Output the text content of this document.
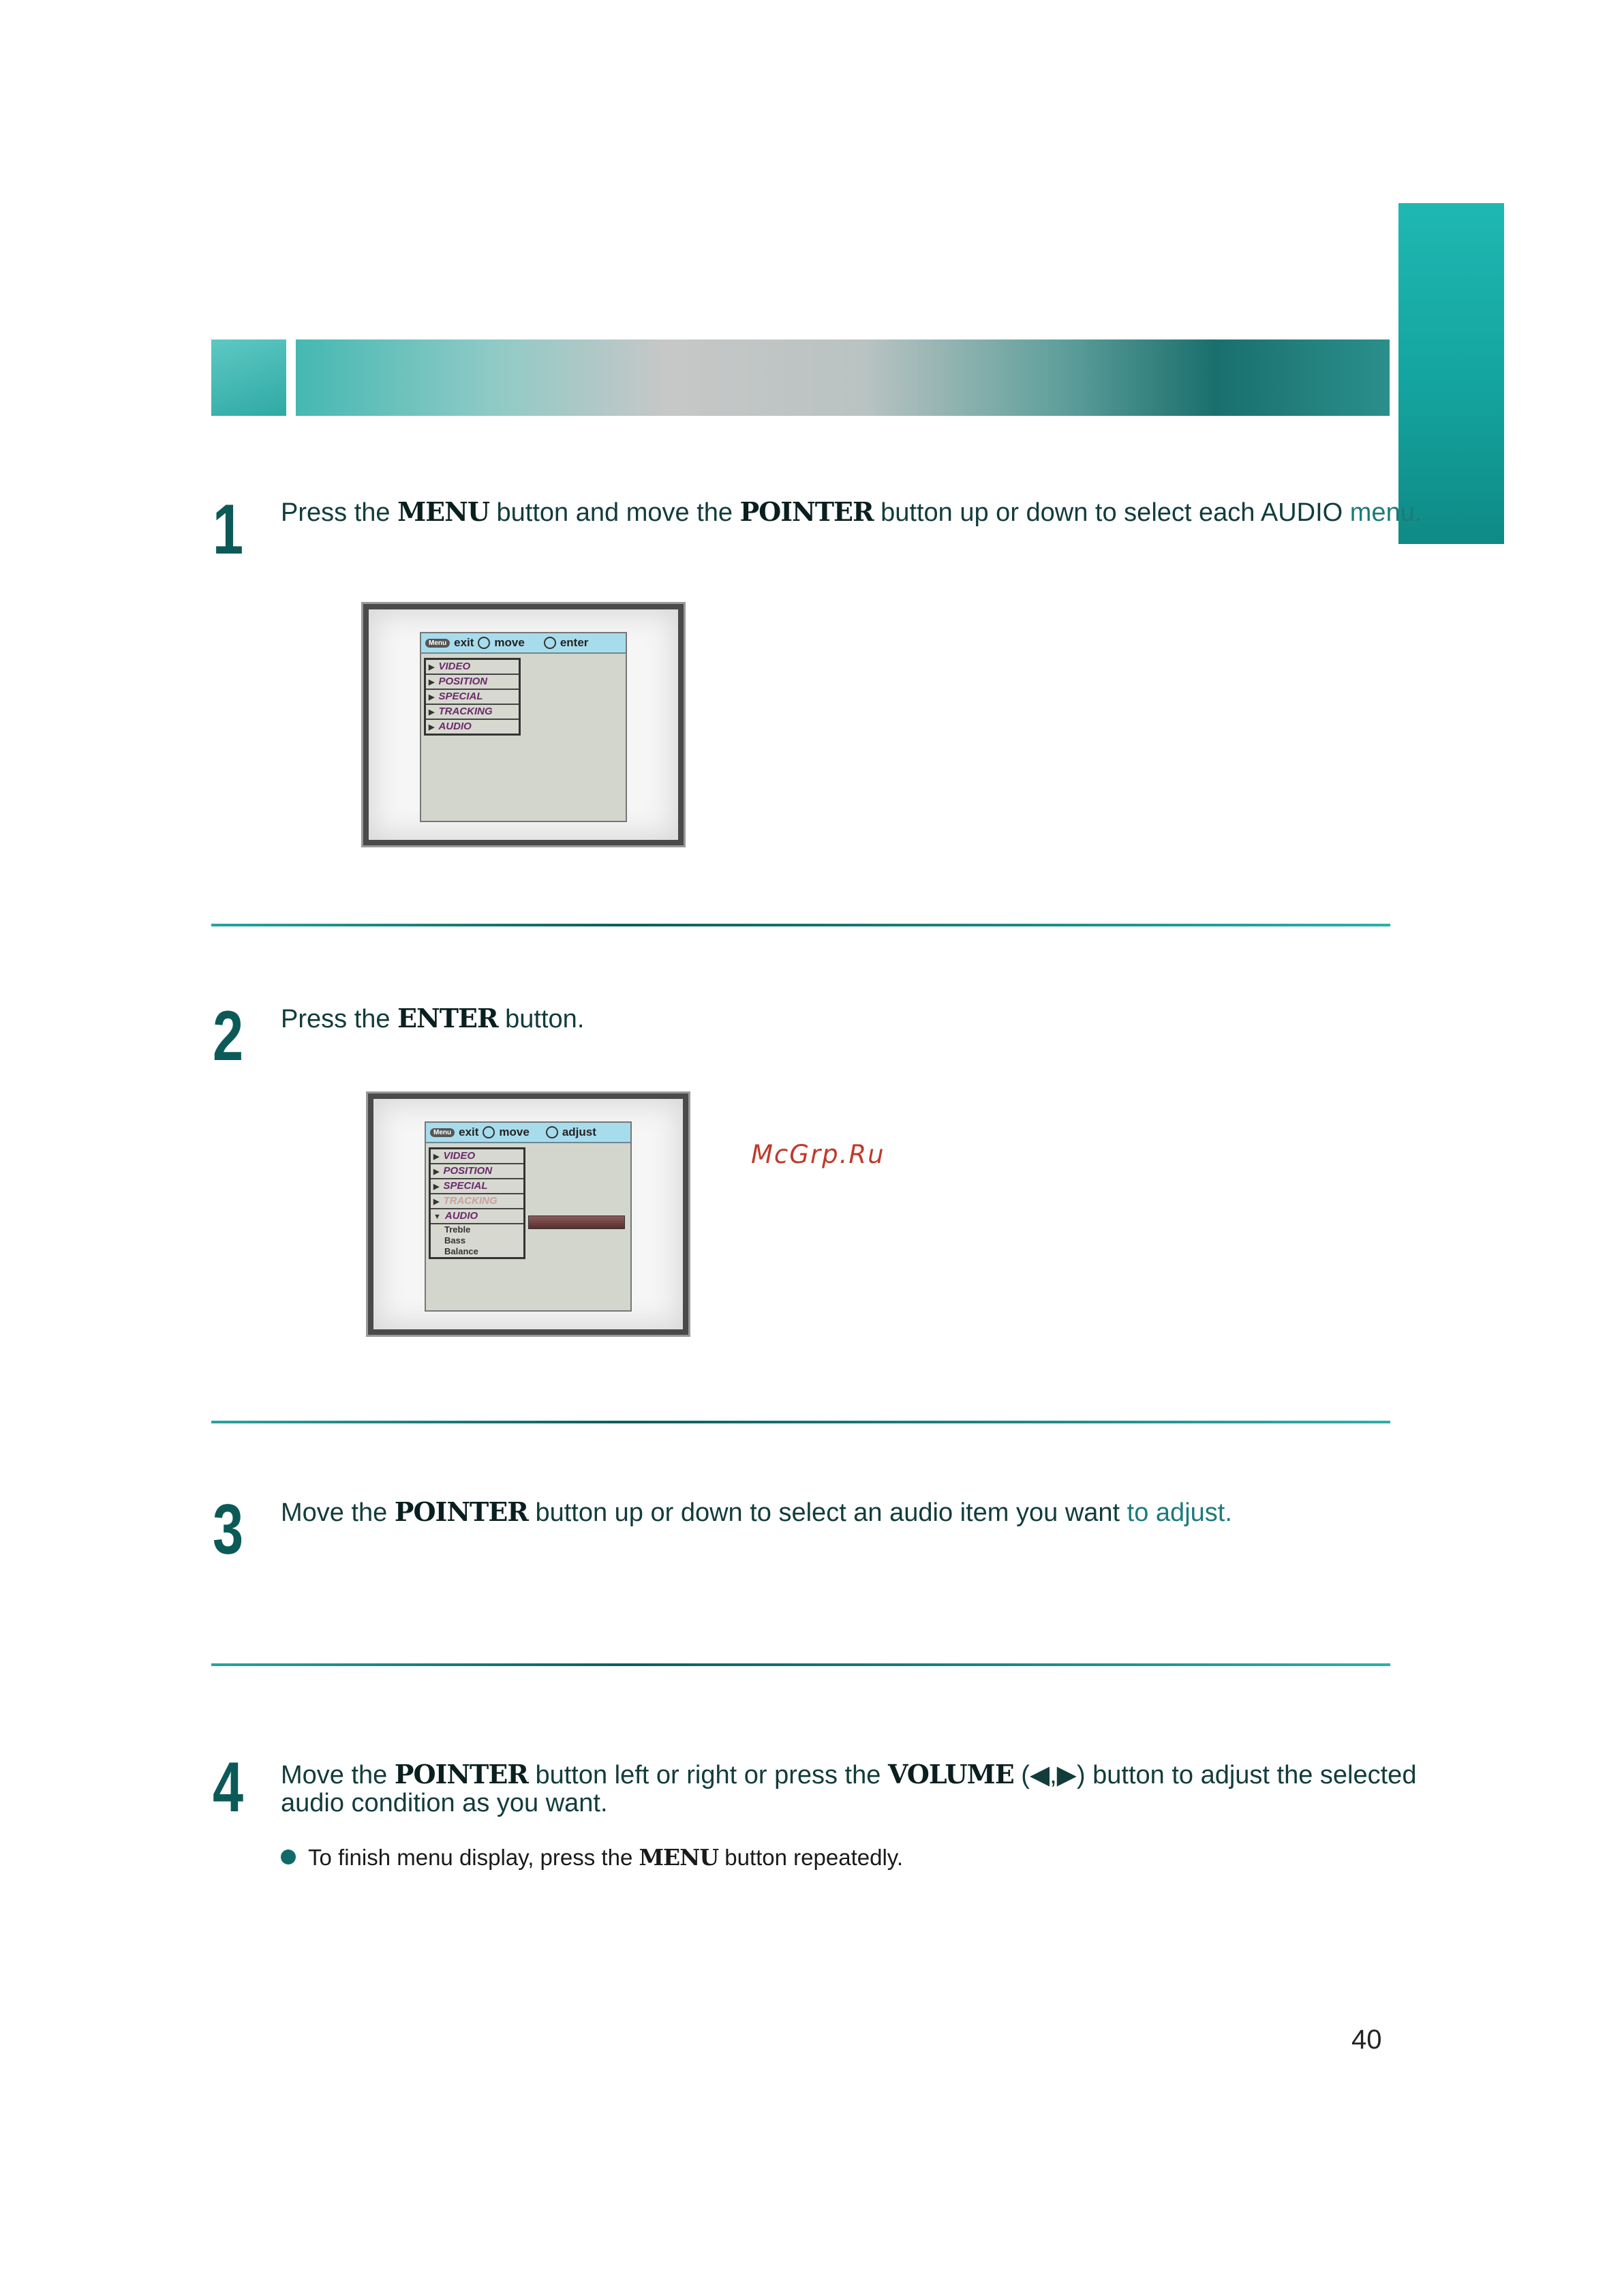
1 Press the MENU button and move the POINTER button up or down to select each AUDIO menu.
Menu exit move	enter
▶ VIDEO
▶ POSITION
▶ SPECIAL
▶ TRACKING
▶ AUDIO
2 Press the ENTER button.
Menu exit move	adjust
▶ VIDEO
▶ POSITION
▶ SPECIAL
▶ TRACKING
▼ AUDIO
Treble
Bass
Balance
McGrp.Ru
3 Move the POINTER button up or down to select an audio item you want to adjust.
4 Move the POINTER button left or right or press the VOLUME (◀,▶) button to adjust the selected
audio condition as you want.
To finish menu display, press the MENU button repeatedly.
40
